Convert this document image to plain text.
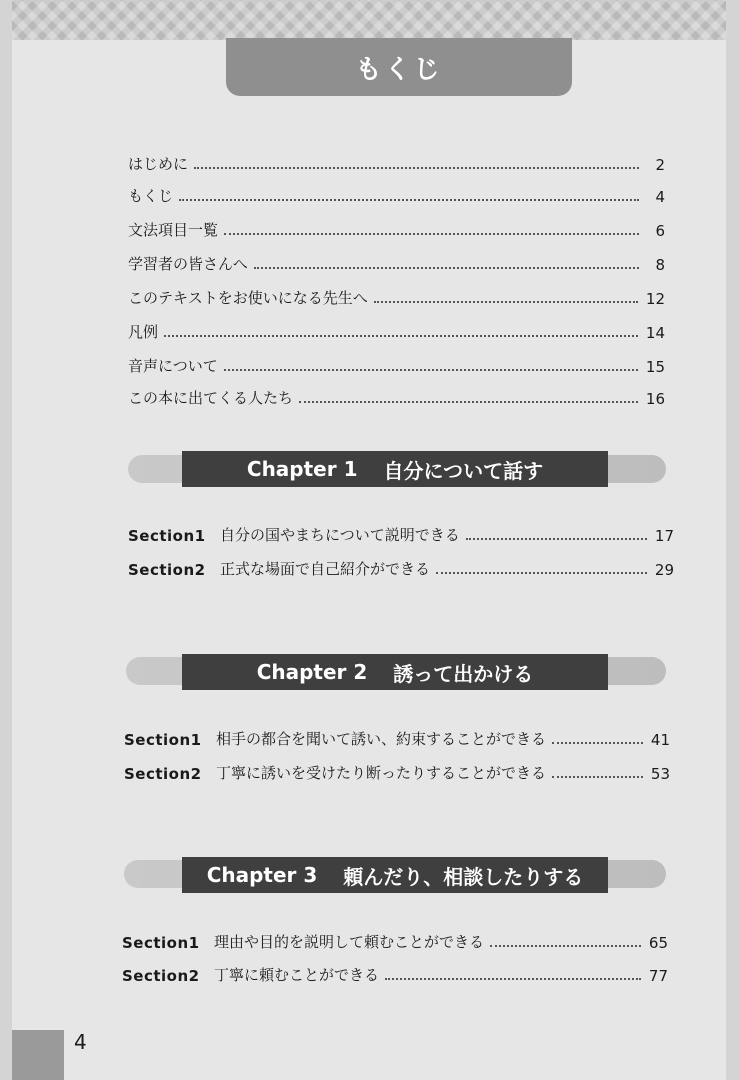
もくじ
はじめに	2
もくじ	4
文法項目一覧	6
学習者の皆さんへ	8
このテキストをお使いになる先生へ	12
凡例	14
音声について	15
この本に出てくる人たち	16
Chapter 1 自分について話す
Section1 自分の国やまちについて説明できる	17
Section2 正式な場面で自己紹介ができる	29
Chapter 2 誘って出かける
Section1 相手の都合を聞いて誘い、約束することができる	41
Section2 丁寧に誘いを受けたり断ったりすることができる	53
Chapter 3 頼んだり、相談したりする
Section1 理由や目的を説明して頼むことができる	65
Section2 丁寧に頼むことができる	77
4
